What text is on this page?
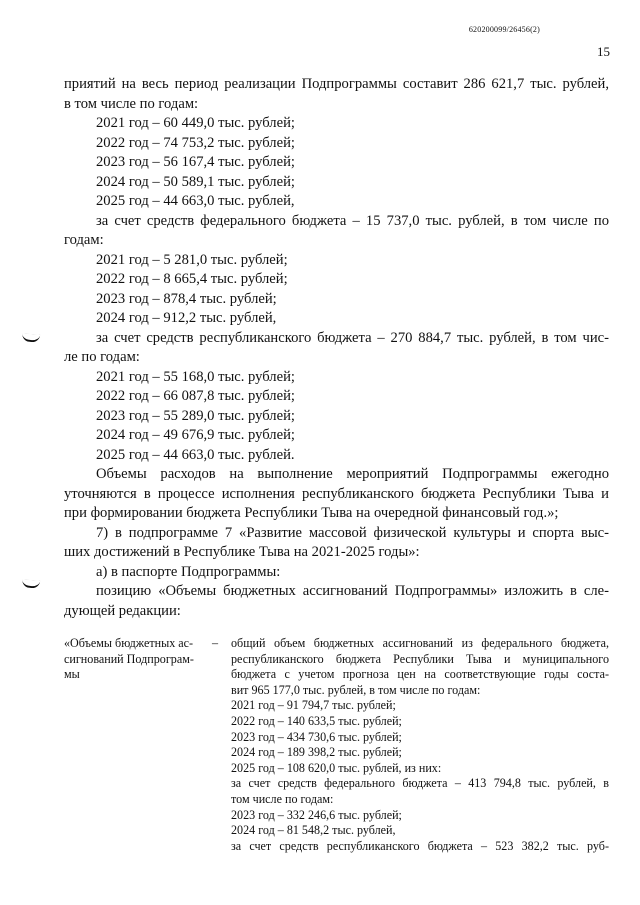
620200099/26456(2)
15
приятий на весь период реализации Подпрограммы составит 286 621,7 тыс. рублей,
в том числе по годам:
2021 год – 60 449,0 тыс. рублей;
2022 год – 74 753,2 тыс. рублей;
2023 год – 56 167,4 тыс. рублей;
2024 год – 50 589,1 тыс. рублей;
2025 год – 44 663,0 тыс. рублей,
за счет средств федерального бюджета – 15 737,0 тыс. рублей, в том числе по
годам:
2021 год – 5 281,0 тыс. рублей;
2022 год – 8 665,4 тыс. рублей;
2023 год – 878,4 тыс. рублей;
2024 год – 912,2 тыс. рублей,
за счет средств республиканского бюджета – 270 884,7 тыс. рублей, в том чис-
ле по годам:
2021 год – 55 168,0 тыс. рублей;
2022 год – 66 087,8 тыс. рублей;
2023 год – 55 289,0 тыс. рублей;
2024 год – 49 676,9 тыс. рублей;
2025 год – 44 663,0 тыс. рублей.
Объемы расходов на выполнение мероприятий Подпрограммы ежегодно
уточняются в процессе исполнения республиканского бюджета Республики Тыва и
при формировании бюджета Республики Тыва на очередной финансовый год.»;
7) в подпрограмме 7 «Развитие массовой физической культуры и спорта выс-
ших достижений в Республике Тыва на 2021-2025 годы»:
а) в паспорте Подпрограммы:
позицию «Объемы бюджетных ассигнований Подпрограммы» изложить в сле-
дующей редакции:
«Объемы бюджетных ас-
сигнований Подпрограм-
мы
– общий объем бюджетных ассигнований из федерального бюджета,
республиканского бюджета Республики Тыва и муниципального
бюджета с учетом прогноза цен на соответствующие годы соста-
вит 965 177,0 тыс. рублей, в том числе по годам:
2021 год – 91 794,7 тыс. рублей;
2022 год – 140 633,5 тыс. рублей;
2023 год – 434 730,6 тыс. рублей;
2024 год – 189 398,2 тыс. рублей;
2025 год – 108 620,0 тыс. рублей, из них:
за счет средств федерального бюджета – 413 794,8 тыс. рублей, в
том числе по годам:
2023 год – 332 246,6 тыс. рублей;
2024 год – 81 548,2 тыс. рублей,
за счет средств республиканского бюджета – 523 382,2 тыс. руб-
